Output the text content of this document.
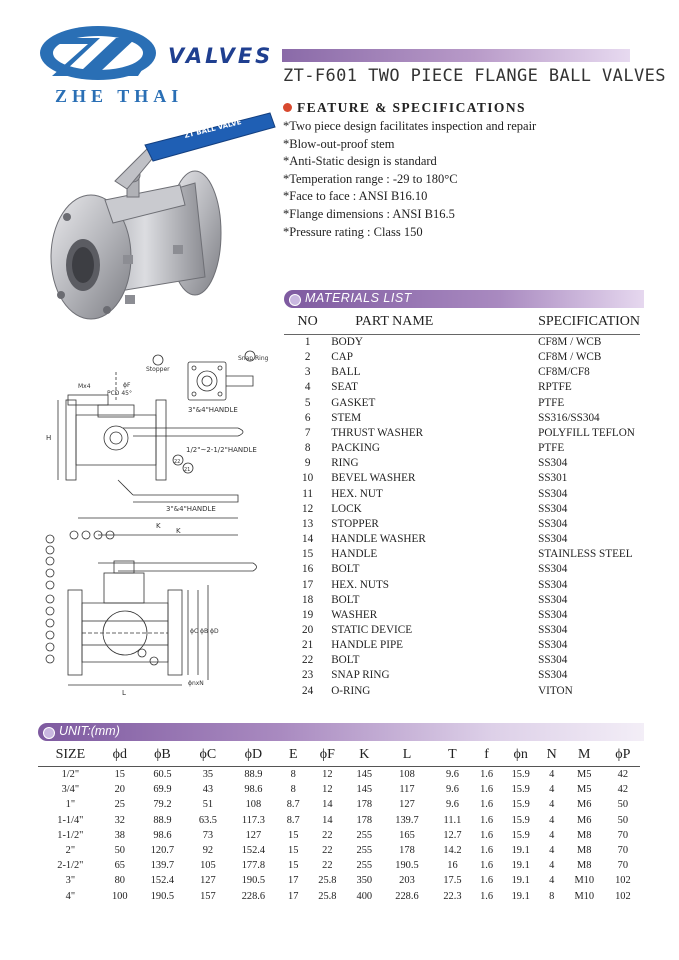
VALVES
ZHE THAI
ZT-F601 TWO PIECE FLANGE BALL VALVES
FEATURE & SPECIFICATIONS
*Two piece design facilitates inspection and repair
*Blow-out-proof stem
*Anti-Static design is standard
*Temperation range : -29 to 180°C
*Face to face : ANSI B16.10
*Flange dimensions : ANSI B16.5
*Pressure rating : Class 150
ZT BALL VALVE
Stopper
Snap Ring
PCD 45°
Mx4	ϕF
H
3"&4"HANDLE
1/2"~2-1/2"HANDLE
3"&4"HANDLE
K
21
22
K
ϕC ϕB ϕD
L
ϕnxN
MATERIALS LIST
NO	PART NAME	SPECIFICATION
1	BODY	CF8M / WCB
2	CAP	CF8M / WCB
3	BALL	CF8M/CF8
4	SEAT	RPTFE
5	GASKET	PTFE
6	STEM	SS316/SS304
7	THRUST WASHER	POLYFILL TEFLON
8	PACKING	PTFE
9	RING	SS304
10	BEVEL WASHER	SS301
11	HEX. NUT	SS304
12	LOCK	SS304
13	STOPPER	SS304
14	HANDLE WASHER	SS304
15	HANDLE	STAINLESS STEEL
16	BOLT	SS304
17	HEX. NUTS	SS304
18	BOLT	SS304
19	WASHER	SS304
20	STATIC DEVICE	SS304
21	HANDLE PIPE	SS304
22	BOLT	SS304
23	SNAP RING	SS304
24	O-RING	VITON
UNIT:(mm)
SIZE	ϕd	ϕB	ϕC	ϕD	E	ϕF	K	L	T	f	ϕn	N	M	ϕP
1/2"	15	60.5	35	88.9	8	12	145	108	9.6	1.6	15.9	4	M5	42
3/4"	20	69.9	43	98.6	8	12	145	117	9.6	1.6	15.9	4	M5	42
1"	25	79.2	51	108	8.7	14	178	127	9.6	1.6	15.9	4	M6	50
1-1/4"	32	88.9	63.5	117.3	8.7	14	178	139.7	11.1	1.6	15.9	4	M6	50
1-1/2"	38	98.6	73	127	15	22	255	165	12.7	1.6	15.9	4	M8	70
2"	50	120.7	92	152.4	15	22	255	178	14.2	1.6	19.1	4	M8	70
2-1/2"	65	139.7	105	177.8	15	22	255	190.5	16	1.6	19.1	4	M8	70
3"	80	152.4	127	190.5	17	25.8	350	203	17.5	1.6	19.1	4	M10	102
4"	100	190.5	157	228.6	17	25.8	400	228.6	22.3	1.6	19.1	8	M10	102
